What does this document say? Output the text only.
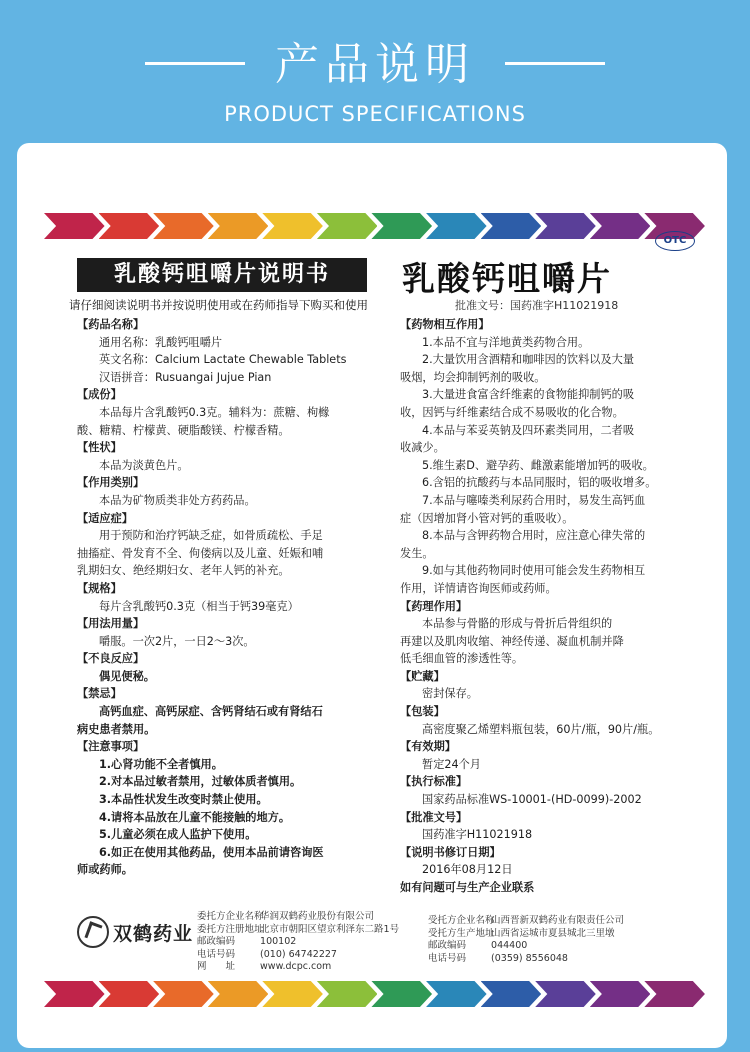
产品说明
PRODUCT SPECIFICATIONS
OTC
乳酸钙咀嚼片说明书	乳酸钙咀嚼片
批准文号：国药准字H11021918
请仔细阅读说明书并按说明使用或在药师指导下购买和使用
【药品名称】
通用名称：乳酸钙咀嚼片
英文名称：Calcium Lactate Chewable Tablets
汉语拼音：Rusuangai Jujue Pian
【成份】
本品每片含乳酸钙0.3克。辅料为：蔗糖、枸橼
酸、糖精、柠檬黄、硬脂酸镁、柠檬香精。
【性状】
本品为淡黄色片。
【作用类别】
本品为矿物质类非处方药药品。
【适应症】
用于预防和治疗钙缺乏症，如骨质疏松、手足
抽搐症、骨发育不全、佝偻病以及儿童、妊娠和哺
乳期妇女、绝经期妇女、老年人钙的补充。
【规格】
每片含乳酸钙0.3克（相当于钙39毫克）
【用法用量】
嚼服。一次2片，一日2～3次。
【不良反应】
偶见便秘。
【禁忌】
高钙血症、高钙尿症、含钙肾结石或有肾结石
病史患者禁用。
【注意事项】
1.心肾功能不全者慎用。
2.对本品过敏者禁用，过敏体质者慎用。
3.本品性状发生改变时禁止使用。
4.请将本品放在儿童不能接触的地方。
5.儿童必须在成人监护下使用。
6.如正在使用其他药品，使用本品前请咨询医
师或药师。
【药物相互作用】
1.本品不宜与洋地黄类药物合用。
2.大量饮用含酒精和咖啡因的饮料以及大量
吸烟，均会抑制钙剂的吸收。
3.大量进食富含纤维素的食物能抑制钙的吸
收，因钙与纤维素结合成不易吸收的化合物。
4.本品与苯妥英钠及四环素类同用，二者吸
收减少。
5.维生素D、避孕药、雌激素能增加钙的吸收。
6.含铝的抗酸药与本品同服时，铝的吸收增多。
7.本品与噻嗪类利尿药合用时，易发生高钙血
症（因增加肾小管对钙的重吸收）。
8.本品与含钾药物合用时，应注意心律失常的
发生。
9.如与其他药物同时使用可能会发生药物相互
作用，详情请咨询医师或药师。
【药理作用】
本品参与骨骼的形成与骨折后骨组织的
再建以及肌肉收缩、神经传递、凝血机制并降
低毛细血管的渗透性等。
【贮藏】
密封保存。
【包装】
高密度聚乙烯塑料瓶包装，60片/瓶，90片/瓶。
【有效期】
暂定24个月
【执行标准】
国家药品标准WS-10001-(HD-0099)-2002
【批准文号】
国药准字H11021918
【说明书修订日期】
2016年08月12日
如有问题可与生产企业联系
双鹤药业
委托方企业名称 华润双鹤药业股份有限公司
委托方注册地址 北京市朝阳区望京利泽东二路1号
邮政编码	100102
电话号码	(010) 64742227
网　　址	www.dcpc.com
受托方企业名称 山西晋新双鹤药业有限责任公司
受托方生产地址 山西省运城市夏县城北三里墩
邮政编码	044400
电话号码	(0359) 8556048
